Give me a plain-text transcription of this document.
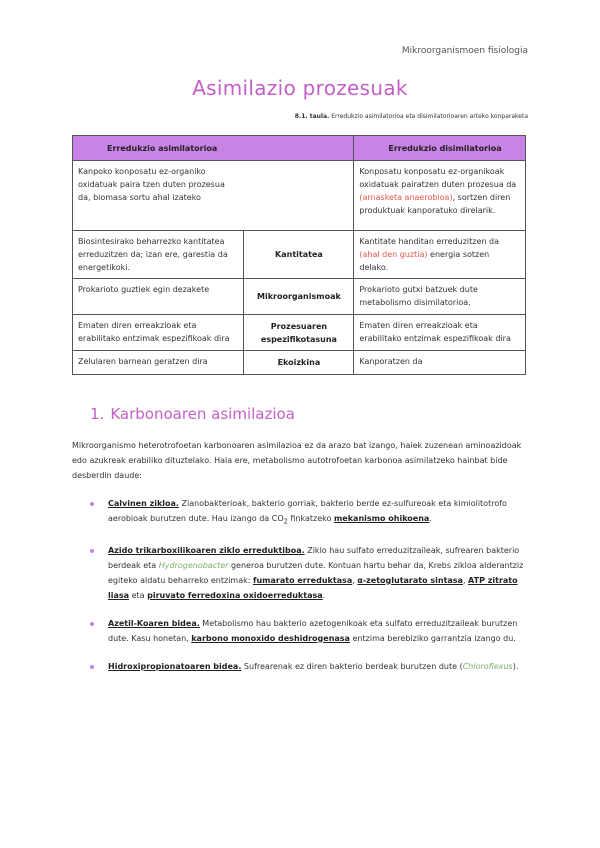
Mikroorganismoen fisiologia
Asimilazio prozesuak
8.1. taula. Erredukzio asimilatorioa eta disimilatorioaren arteko konparaketa
Erredukzio asimilatorioa		Erredukzio disimilatorioa

Kanpoko konposatu ez-organiko oxidatuak paira tzen duten prozesua da, biomasa sortu ahal izateko		Konposatu konposatu ez-organikoak oxidatuak pairatzen duten prozesua da (arnasketa anaerobioa), sortzen diren produktuak kanporatuko direlarik.
Biosintesirako beharrezko kantitatea erreduzitzen da; izan ere, garestia da energetikoki.	Kantitatea	Kantitate handitan erreduzitzen da (ahal den guztia) energia sotzen delako.
Prokarioto guztiek egin dezakete	Mikroorganismoak	Prokarioto gutxi batzuek dute metabolismo disimilatorioa.
Ematen diren erreakzioak eta erabilitako entzimak espezifikoak dira	Prozesuaren espezifikotasuna	Ematen diren erreakzioak eta erabilitako entzimak espezifikoak dira
Zelularen barnean geratzen dira	Ekoizkina	Kanporatzen da
1. Karbonoaren asimilazioa
Mikroorganismo heterotrofoetan karbonoaren asimilazioa ez da arazo bat izango, haiek zuzenean aminoazidoak edo azukreak erabiliko dituztelako. Hala ere, metabolismo autotrofoetan karbonoa asimilatzeko hainbat bide desberdin daude:
Calvinen zikloa. Zianobakterioak, bakterio gorriak, bakterio berde ez-sulfureoak eta kimiolitotrofo aerobioak burutzen dute. Hau izango da $CO_2$ finkatzeko mekanismo ohikoena.
Azido trikarboxilikoaren ziklo erreduktiboa. Ziklo hau sulfato erreduzitzaileak, sufrearen bakterio berdeak eta Hydrogenobacter generoa burutzen dute. Kontuan hartu behar da, Krebs zikloa alderantziz egiteko aldatu beharreko entzimak: fumarato erreduktasa, α-zetoglutarato sintasa, ATP zitrato liasa eta piruvato ferredoxina oxidoerreduktasa.
Azetil-Koaren bidea. Metabolismo hau bakterio azetogenikoak eta sulfato erreduzitzaileak burutzen dute. Kasu honetan, karbono monoxido deshidrogenasa entzima berebiziko garrantzia izango du.
Hidroxipropionatoaren bidea. Sufrearenak ez diren bakterio berdeak burutzen dute (Chloroflexus).
